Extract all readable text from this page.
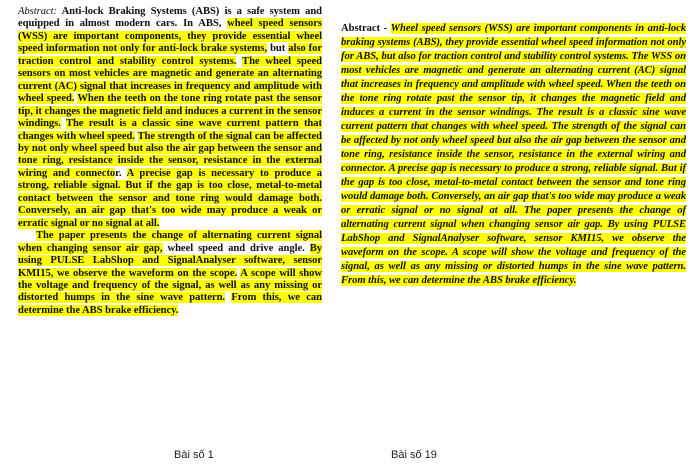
Abstract: Anti-lock Braking Systems (ABS) is a safe system and equipped in almost modern cars. In ABS, wheel speed sensors (WSS) are important components, they provide essential wheel speed information not only for anti-lock brake systems, but also for traction control and stability control systems. The wheel speed sensors on most vehicles are magnetic and generate an alternating current (AC) signal that increases in frequency and amplitude with wheel speed. When the teeth on the tone ring rotate past the sensor tip, it changes the magnetic field and induces a current in the sensor windings. The result is a classic sine wave current pattern that changes with wheel speed. The strength of the signal can be affected by not only wheel speed but also the air gap between the sensor and tone ring, resistance inside the sensor, resistance in the external wiring and connector. A precise gap is necessary to produce a strong, reliable signal. But if the gap is too close, metal-to-metal contact between the sensor and tone ring would damage both. Conversely, an air gap that's too wide may produce a weak or erratic signal or no signal at all.

The paper presents the change of alternating current signal when changing sensor air gap, wheel speed and drive angle. By using PULSE LabShop and SignalAnalyser software, sensor KMI15, we observe the waveform on the scope. A scope will show the voltage and frequency of the signal, as well as any missing or distorted humps in the sine wave pattern. From this, we can determine the ABS brake efficiency.

Abstract - Wheel speed sensors (WSS) are important components in anti-lock braking systems (ABS), they provide essential wheel speed information not only for ABS, but also for traction control and stability control systems. The WSS on most vehicles are magnetic and generate an alternating current (AC) signal that increases in frequency and amplitude with wheel speed. When the teeth on the tone ring rotate past the sensor tip, it changes the magnetic field and induces a current in the sensor windings. The result is a classic sine wave current pattern that changes with wheel speed. The strength of the signal can be affected by not only wheel speed but also the air gap between the sensor and tone ring, resistance inside the sensor, resistance in the external wiring and connector. A precise gap is necessary to produce a strong, reliable signal. But if the gap is too close, metal-to-metal contact between the sensor and tone ring would damage both. Conversely, an air gap that's too wide may produce a weak or erratic signal or no signal at all. The paper presents the change of alternating current signal when changing sensor air gap. By using PULSE LabShop and SignalAnalyser software, sensor KMI15, we observe the waveform on the scope. A scope will show the voltage and frequency of the signal, as well as any missing or distorted humps in the sine wave pattern. From this, we can determine the ABS brake efficiency.

Bài số 1	Bài số 19
